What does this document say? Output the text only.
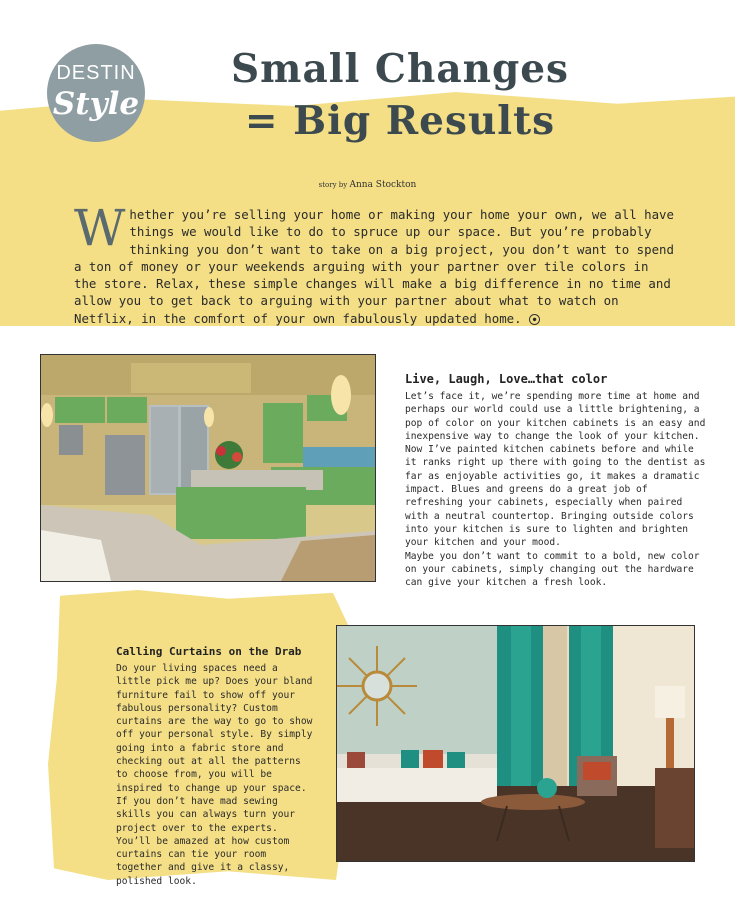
DESTIN
Style
Small Changes
= Big Results
story by Anna Stockton
Whether you’re selling your home or making your home your own, we all have things we would like to do to spruce up our space. But you’re probably thinking you don’t want to take on a big project, you don’t want to spend a ton of money or your weekends arguing with your partner over tile colors in the store. Relax, these simple changes will make a big difference in no time and allow you to get back to arguing with your partner about what to watch on Netflix, in the comfort of your own fabulously updated home. ●
Live, Laugh, Love…that color
Let’s face it, we’re spending more time at home and perhaps our world could use a little brightening, a pop of color on your kitchen cabinets is an easy and inexpensive way to change the look of your kitchen. Now I’ve painted kitchen cabinets before and while it ranks right up there with going to the dentist as far as enjoyable activities go, it makes a dramatic impact. Blues and greens do a great job of refreshing your cabinets, especially when paired with a neutral countertop. Bringing outside colors into your kitchen is sure to lighten and brighten your kitchen and your mood.
Maybe you don’t want to commit to a bold, new color on your cabinets, simply changing out the hardware can give your kitchen a fresh look.
Calling Curtains on the Drab
Do your living spaces need a little pick me up? Does your bland furniture fail to show off your fabulous personality? Custom curtains are the way to go to show off your personal style. By simply going into a fabric store and checking out at all the patterns to choose from, you will be inspired to change up your space. If you don’t have mad sewing skills you can always turn your project over to the experts. You’ll be amazed at how custom curtains can tie your room together and give it a classy, polished look.
